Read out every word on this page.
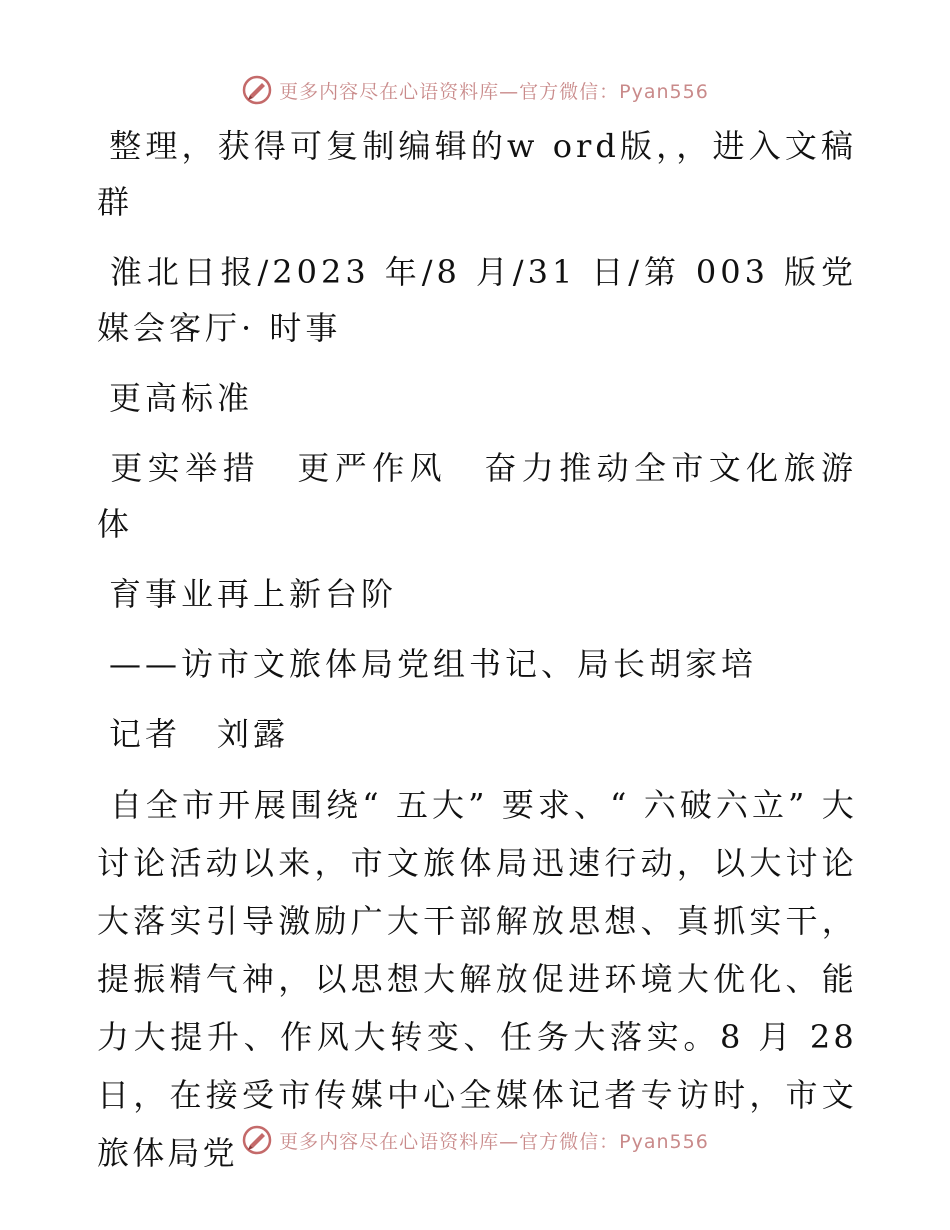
更多内容尽在心语资料库—官方微信：Pyan556

整理，获得可复制编辑的w ord版，，进入文稿群

淮北日报/2023 年/8 月/31 日/第 003 版党媒会客厅· 时事

更高标准

更实举措　更严作风　奋力推动全市文化旅游体

育事业再上新台阶

——访市文旅体局党组书记、局长胡家培

记者　刘露

自全市开展围绕“ 五大” 要求、“ 六破六立” 大讨论活动以来，市文旅体局迅速行动，以大讨论大落实引导激励广大干部解放思想、真抓实干，提振精气神，以思想大解放促进环境大优化、能力大提升、作风大转变、任务大落实。8 月 28 日，在接受市传媒中心全媒体记者专访时，市文旅体局党	更多内容尽在心语资料库—官方微信：Pyan556
